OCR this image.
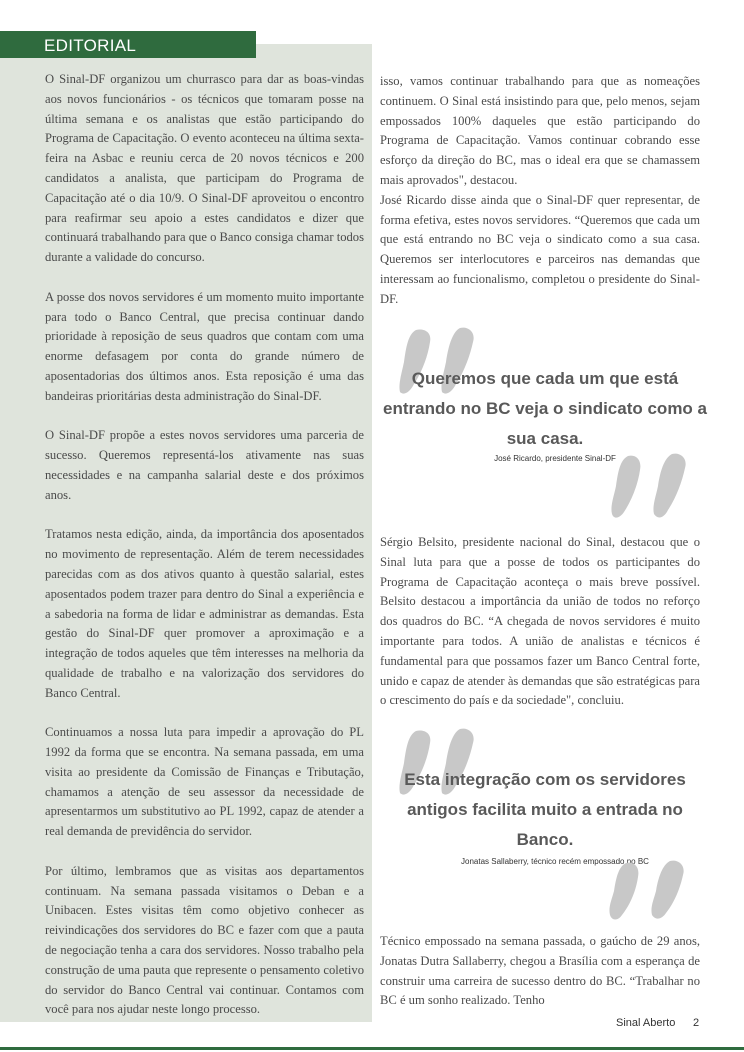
EDITORIAL

O Sinal-DF organizou um churrasco para dar as boas-vindas aos novos funcionários - os técnicos que tomaram posse na última semana e os analistas que estão participando do Programa de Capacitação. O evento aconteceu na última sexta-feira na Asbac e reuniu cerca de 20 novos técnicos e 200 candidatos a analista, que participam do Programa de Capacitação até o dia 10/9. O Sinal-DF aproveitou o encontro para reafirmar seu apoio a estes candidatos e dizer que continuará trabalhando para que o Banco consiga chamar todos durante a validade do concurso.

A posse dos novos servidores é um momento muito importante para todo o Banco Central, que precisa continuar dando prioridade à reposição de seus quadros que contam com uma enorme defasagem por conta do grande número de aposentadorias dos últimos anos. Esta reposição é uma das bandeiras prioritárias desta administração do Sinal-DF.

O Sinal-DF propõe a estes novos servidores uma parceria de sucesso. Queremos representá-los ativamente nas suas necessidades e na campanha salarial deste e dos próximos anos.

Tratamos nesta edição, ainda, da importância dos aposentados no movimento de representação. Além de terem necessidades parecidas com as dos ativos quanto à questão salarial, estes aposentados podem trazer para dentro do Sinal a experiência e a sabedoria na forma de lidar e administrar as demandas. Esta gestão do Sinal-DF quer promover a aproximação e a integração de todos aqueles que têm interesses na melhoria da qualidade de trabalho e na valorização dos servidores do Banco Central.

Continuamos a nossa luta para impedir a aprovação do PL 1992 da forma que se encontra. Na semana passada, em uma visita ao presidente da Comissão de Finanças e Tributação, chamamos a atenção de seu assessor da necessidade de apresentarmos um substitutivo ao PL 1992, capaz de atender a real demanda de previdência do servidor.

Por último, lembramos que as visitas aos departamentos continuam. Na semana passada visitamos o Deban e a Unibacen. Estes visitas têm como objetivo conhecer as reivindicações dos servidores do BC e fazer com que a pauta de negociação tenha a cara dos servidores. Nosso trabalho pela construção de uma pauta que represente o pensamento coletivo do servidor do Banco Central vai continuar. Contamos com você para nos ajudar neste longo processo.

isso, vamos continuar trabalhando para que as nomeações continuem. O Sinal está insistindo para que, pelo menos, sejam empossados 100% daqueles que estão participando do Programa de Capacitação. Vamos continuar cobrando esse esforço da direção do BC, mas o ideal era que se chamassem mais aprovados", destacou.

José Ricardo disse ainda que o Sinal-DF quer representar, de forma efetiva, estes novos servidores. “Queremos que cada um que está entrando no BC veja o sindicato como a sua casa. Queremos ser interlocutores e parceiros nas demandas que interessam ao funcionalismo, completou o presidente do Sinal-DF.

Queremos que cada um que está entrando no BC veja o sindicato como a sua casa.
José Ricardo, presidente Sinal-DF

Sérgio Belsito, presidente nacional do Sinal, destacou que o Sinal luta para que a posse de todos os participantes do Programa de Capacitação aconteça o mais breve possível. Belsito destacou a importância da união de todos no reforço dos quadros do BC. “A chegada de novos servidores é muito importante para todos. A união de analistas e técnicos é fundamental para que possamos fazer um Banco Central forte, unido e capaz de atender às demandas que são estratégicas para o crescimento do país e da sociedade", concluiu.

Esta integração com os servidores antigos facilita muito a entrada no Banco.
Jonatas Sallaberry, técnico recém empossado no BC

Técnico empossado na semana passada, o gaúcho de 29 anos, Jonatas Dutra Sallaberry, chegou a Brasília com a esperança de construir uma carreira de sucesso dentro do BC. “Trabalhar no BC é um sonho realizado. Tenho

Sinal Aberto 2
